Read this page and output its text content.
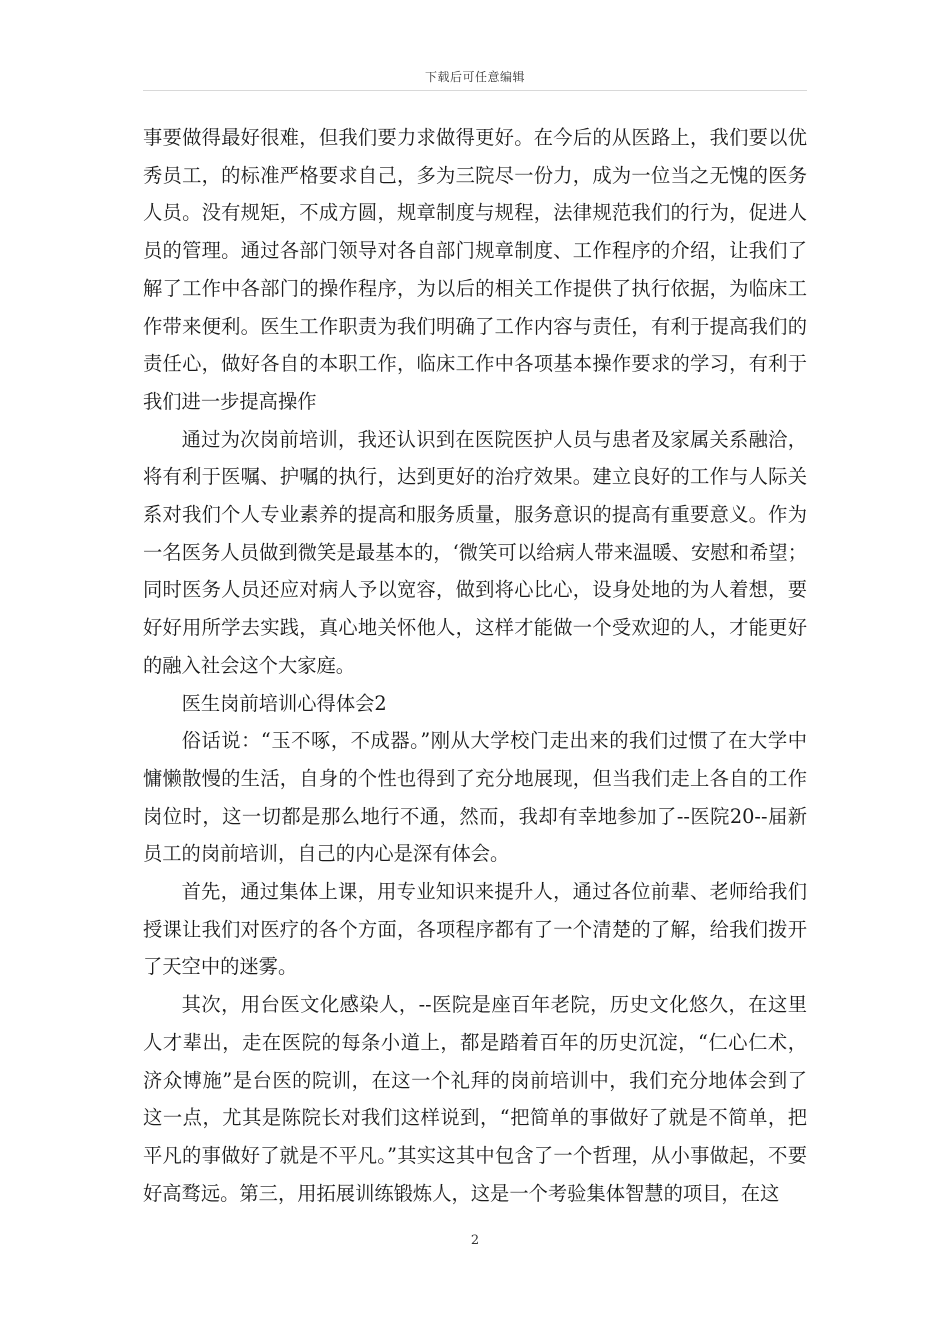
下载后可任意编辑

事要做得最好很难，但我们要力求做得更好。在今后的从医路上，我们要以优秀员工，的标准严格要求自己，多为三院尽一份力，成为一位当之无愧的医务人员。没有规矩，不成方圆，规章制度与规程，法律规范我们的行为，促进人员的管理。通过各部门领导对各自部门规章制度、工作程序的介绍，让我们了解了工作中各部门的操作程序，为以后的相关工作提供了执行依据，为临床工作带来便利。医生工作职责为我们明确了工作内容与责任，有利于提高我们的责任心，做好各自的本职工作，临床工作中各项基本操作要求的学习，有利于我们进一步提高操作

通过为次岗前培训，我还认识到在医院医护人员与患者及家属关系融洽，将有利于医嘱、护嘱的执行，达到更好的治疗效果。建立良好的工作与人际关系对我们个人专业素养的提高和服务质量，服务意识的提高有重要意义。作为一名医务人员做到微笑是最基本的，‘微笑可以给病人带来温暖、安慰和希望；同时医务人员还应对病人予以宽容，做到将心比心，设身处地的为人着想，要好好用所学去实践，真心地关怀他人，这样才能做一个受欢迎的人，才能更好的融入社会这个大家庭。

医生岗前培训心得体会2

俗话说：“玉不啄，不成器。”刚从大学校门走出来的我们过惯了在大学中慵懒散慢的生活，自身的个性也得到了充分地展现，但当我们走上各自的工作岗位时，这一切都是那么地行不通，然而，我却有幸地参加了--医院20--届新员工的岗前培训，自己的内心是深有体会。

首先，通过集体上课，用专业知识来提升人，通过各位前辈、老师给我们授课让我们对医疗的各个方面，各项程序都有了一个清楚的了解，给我们拨开了天空中的迷雾。

其次，用台医文化感染人，--医院是座百年老院，历史文化悠久，在这里人才辈出，走在医院的每条小道上，都是踏着百年的历史沉淀，“仁心仁术，济众博施”是台医的院训，在这一个礼拜的岗前培训中，我们充分地体会到了这一点，尤其是陈院长对我们这样说到，“把简单的事做好了就是不简单，把平凡的事做好了就是不平凡。”其实这其中包含了一个哲理，从小事做起，不要好高骛远。第三，用拓展训练锻炼人，这是一个考验集体智慧的项目，在这

2
